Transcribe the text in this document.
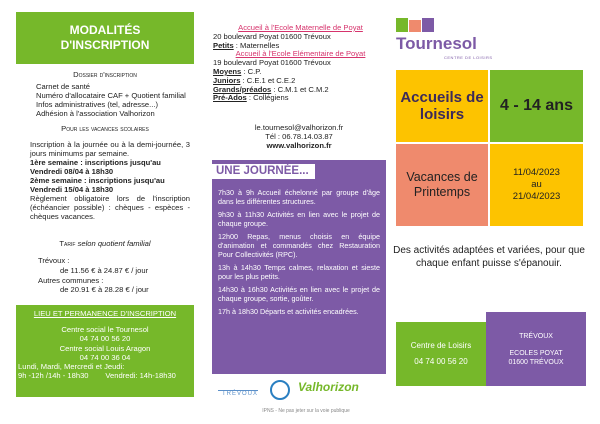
MODALITÉS
D'INSCRIPTION
Dossier d'inscription
Carnet de santé
Numéro d'allocataire CAF + Quotient familial
Infos administratives (tel, adresse...)
Adhésion à l'association Valhorizon
Pour les vacances scolaires
Inscription à la journée ou à la demi-journée, 3 jours minimums par semaine.
1ère semaine : inscriptions jusqu'au
Vendredi 08/04 à 18h30
2ème semaine : inscriptions jusqu'au
Vendredi 15/04 à 18h30
Règlement obligatoire lors de l'inscription (échéancier possible) : chèques - espèces - chèques vacances.
Tarif selon quotient familial
Trévoux :
de 11.56 € à 24.87 € / jour
Autres communes :
de 20.91 € à 28.28 € / jour
LIEU ET PERMANENCE D'INSCRIPTION
Centre social le Tournesol
04 74 00 56 20
Centre social Louis Aragon
04 74 00 36 04
Lundi, Mardi, Mercredi et Jeudi:
9h -12h /14h - 18h30        Vendredi: 14h-18h30
Accueil à l'Ecole Maternelle de Poyat
20 boulevard Poyat 01600 Trévoux
Petits : Maternelles
Accueil à l'Ecole Elémentaire de Poyat
19 boulevard Poyat 01600 Trévoux
Moyens : C.P.
Juniors : C.E.1 et C.E.2
Grands/préados : C.M.1 et C.M.2
Pré-Ados : Collégiens
le.tournesol@valhorizon.fr
Tél : 06.78.14.03.87
www.valhorizon.fr
UNE JOURNÉE...

7h30 à 9h Accueil échelonné par groupe d'âge dans les différentes structures.

9h30 à 11h30 Activités en lien avec le projet de chaque groupe.

12h00 Repas, menus choisis en équipe d'animation et commandés chez Restauration Pour Collectivités (RPC).

13h à 14h30 Temps calmes, relaxation et sieste pour les plus petits.

14h30 à 16h30 Activités en lien avec le projet de chaque groupe, sortie, goûter.

17h à 18h30 Départs et activités encadrées.

TRÉVOUX	Valhorizon
IPNS - Ne pas jeter sur la voie publique
Tournesol
CENTRE DE LOISIRS
Accueils de loisirs
4 - 14 ans
Vacances de Printemps
11/04/2023
au
21/04/2023
Des activités adaptées et variées, pour que chaque enfant puisse s'épanouir.
Centre de Loisirs
04 74 00 56 20
TRÉVOUX
ECOLES POYAT
01600 TRÉVOUX
